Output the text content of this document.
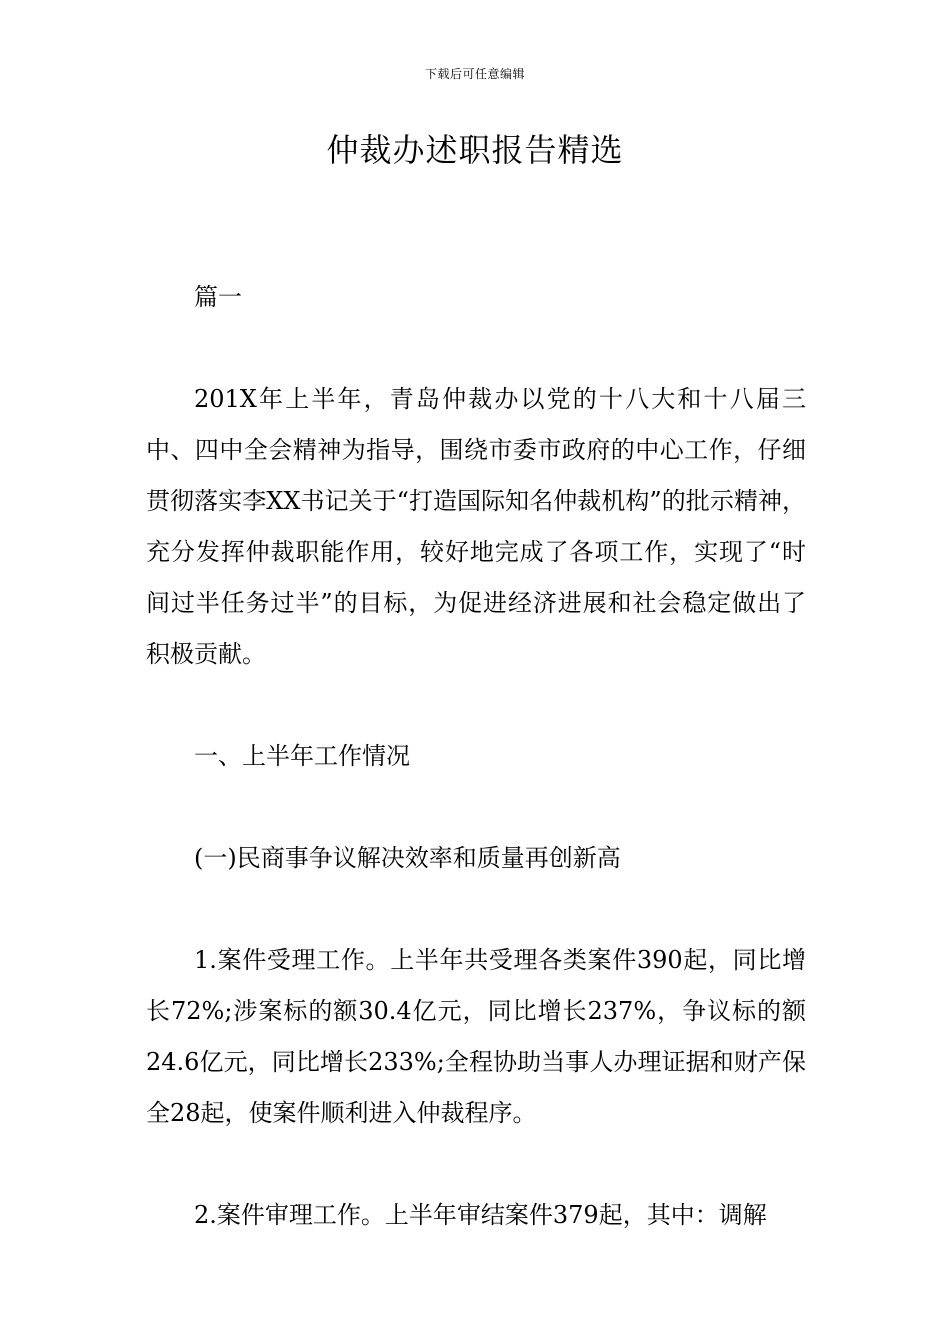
下载后可任意编辑
仲裁办述职报告精选

篇一

201X年上半年，青岛仲裁办以党的十八大和十八届三中、四中全会精神为指导，围绕市委市政府的中心工作，仔细贯彻落实李XX书记关于“打造国际知名仲裁机构”的批示精神，充分发挥仲裁职能作用，较好地完成了各项工作，实现了“时间过半任务过半”的目标，为促进经济进展和社会稳定做出了积极贡献。

一、上半年工作情况

(一)民商事争议解决效率和质量再创新高

1.案件受理工作。上半年共受理各类案件390起，同比增长72%;涉案标的额30.4亿元，同比增长237%，争议标的额24.6亿元，同比增长233%;全程协助当事人办理证据和财产保全28起，使案件顺利进入仲裁程序。

2.案件审理工作。上半年审结案件379起，其中：调解
